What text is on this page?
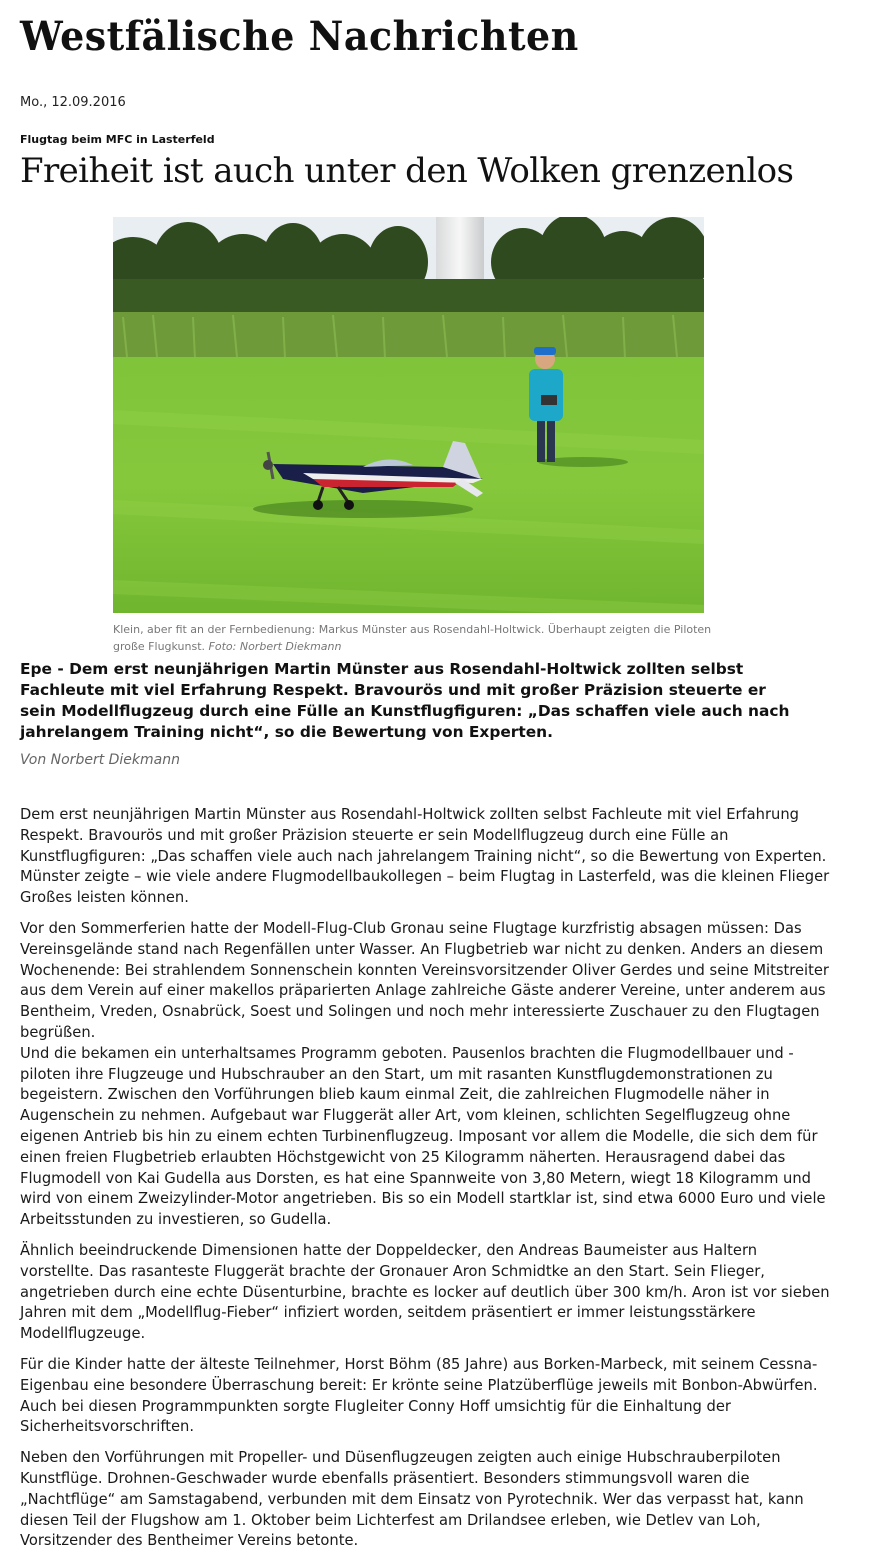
Westfälische Nachrichten
Mo., 12.09.2016
Flugtag beim MFC in Lasterfeld
Freiheit ist auch unter den Wolken grenzenlos
Klein, aber fit an der Fernbedienung: Markus Münster aus Rosendahl-Holtwick. Überhaupt zeigten die Piloten große Flugkunst. Foto: Norbert Diekmann
Epe - Dem erst neunjährigen Martin Münster aus Rosendahl-Holtwick zollten selbst Fachleute mit viel Erfahrung Respekt. Bravourös und mit großer Präzision steuerte er sein Modellflugzeug durch eine Fülle an Kunstflugfiguren: „Das schaffen viele auch nach jahrelangem Training nicht“, so die Bewertung von Experten.
Von Norbert Diekmann

Dem erst neunjährigen Martin Münster aus Rosendahl-Holtwick zollten selbst Fachleute mit viel Erfahrung Respekt. Bravourös und mit großer Präzision steuerte er sein Modellflugzeug durch eine Fülle an Kunstflugfiguren: „Das schaffen viele auch nach jahrelangem Training nicht“, so die Bewertung von Experten. Münster zeigte – wie viele andere Flugmodellbaukollegen – beim Flugtag in Lasterfeld, was die kleinen Flieger Großes leisten können.

Vor den Sommerferien hatte der Modell-Flug-Club Gronau seine Flugtage kurzfristig absagen müssen: Das Vereinsgelände stand nach Regenfällen unter Wasser. An Flugbetrieb war nicht zu denken. Anders an diesem Wochenende: Bei strahlendem Sonnenschein konnten Vereinsvorsitzender Oliver Gerdes und seine Mitstreiter aus dem Verein auf einer makellos präparierten Anlage zahlreiche Gäste anderer Vereine, unter anderem aus Bentheim, Vreden, Osnabrück, Soest und Solingen und noch mehr interessierte Zuschauer zu den Flugtagen begrüßen.

Und die bekamen ein unterhaltsames Programm geboten. Pausenlos brachten die Flugmodellbauer und -piloten ihre Flugzeuge und Hubschrauber an den Start, um mit rasanten Kunstflugdemonstrationen zu begeistern. Zwischen den Vorführungen blieb kaum einmal Zeit, die zahlreichen Flugmodelle näher in Augenschein zu nehmen. Aufgebaut war Fluggerät aller Art, vom kleinen, schlichten Segelflugzeug ohne eigenen Antrieb bis hin zu einem echten Turbinenflugzeug. Imposant vor allem die Modelle, die sich dem für einen freien Flugbetrieb erlaubten Höchstgewicht von 25 Kilogramm näherten. Herausragend dabei das Flugmodell von Kai Gudella aus Dorsten, es hat eine Spannweite von 3,80 Metern, wiegt 18 Kilogramm und wird von einem Zweizylinder-Motor angetrieben. Bis so ein Modell startklar ist, sind etwa 6000 Euro und viele Arbeitsstunden zu investieren, so Gudella.

Ähnlich beeindruckende Dimensionen hatte der Doppeldecker, den Andreas Baumeister aus Haltern vorstellte. Das rasanteste Fluggerät brachte der Gronauer Aron Schmidtke an den Start. Sein Flieger, angetrieben durch eine echte Düsenturbine, brachte es locker auf deutlich über 300 km/h. Aron ist vor sieben Jahren mit dem „Modellflug-Fieber“ infiziert worden, seitdem präsentiert er immer leistungsstärkere Modellflugzeuge.

Für die Kinder hatte der älteste Teilnehmer, Horst Böhm (85 Jahre) aus Borken-Marbeck, mit seinem Cessna-Eigenbau eine besondere Überraschung bereit: Er krönte seine Platzüberflüge jeweils mit Bonbon-Abwürfen. Auch bei diesen Programmpunkten sorgte Flugleiter Conny Hoff umsichtig für die Einhaltung der Sicherheitsvorschriften.

Neben den Vorführungen mit Propeller- und Düsenflugzeugen zeigten auch einige Hubschrauberpiloten Kunstflüge. Drohnen-Geschwader wurde ebenfalls präsentiert. Besonders stimmungsvoll waren die „Nachtflüge“ am Samstagabend, verbunden mit dem Einsatz von Pyrotechnik. Wer das verpasst hat, kann diesen Teil der Flugshow am 1. Oktober beim Lichterfest am Drilandsee erleben, wie Detlev van Loh, Vorsitzender des Bentheimer Vereins betonte.
